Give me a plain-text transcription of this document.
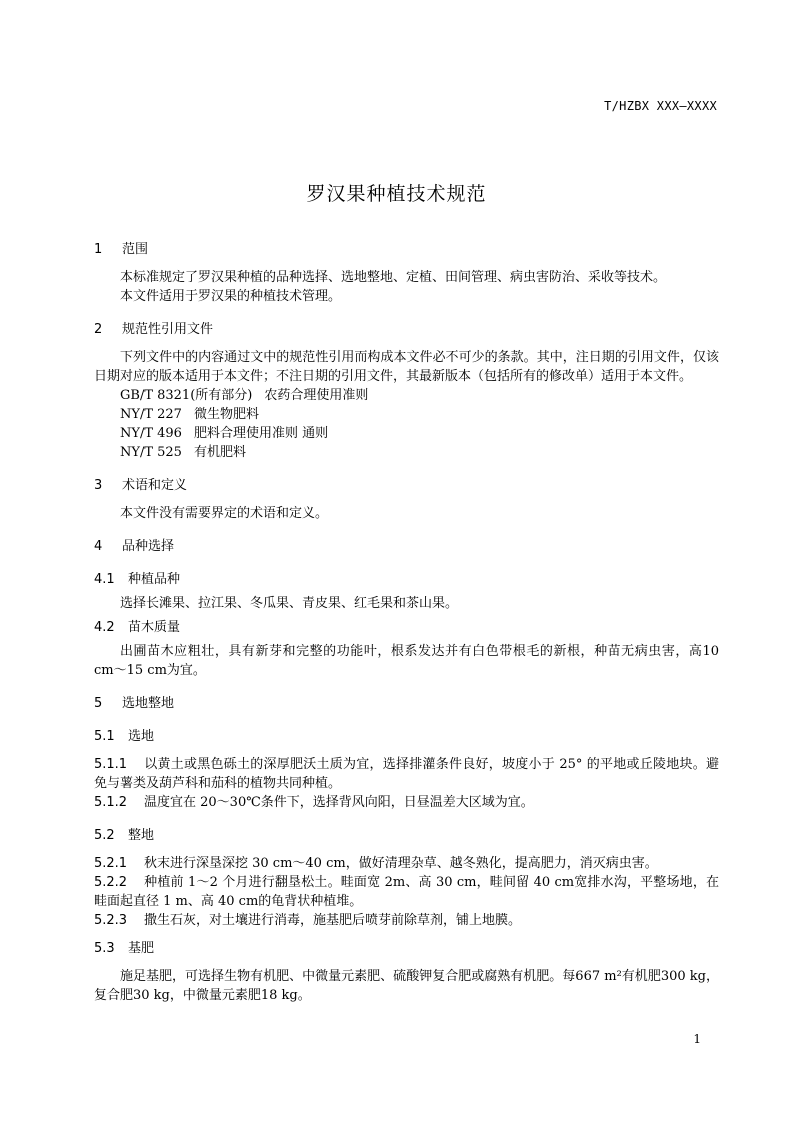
T/HZBX XXX—XXXX
罗汉果种植技术规范
1 范围

本标准规定了罗汉果种植的品种选择、选地整地、定植、田间管理、病虫害防治、采收等技术。

本文件适用于罗汉果的种植技术管理。

2 规范性引用文件

下列文件中的内容通过文中的规范性引用而构成本文件必不可少的条款。其中，注日期的引用文件，仅该日期对应的版本适用于本文件；不注日期的引用文件，其最新版本（包括所有的修改单）适用于本文件。

GB/T 8321(所有部分) 农药合理使用准则

NY/T 227 微生物肥料

NY/T 496 肥料合理使用准则 通则

NY/T 525 有机肥料

3 术语和定义

本文件没有需要界定的术语和定义。

4 品种选择
4.1 种植品种

选择长滩果、拉江果、冬瓜果、青皮果、红毛果和茶山果。

4.2 苗木质量

出圃苗木应粗壮，具有新芽和完整的功能叶，根系发达并有白色带根毛的新根，种苗无病虫害，高10 cm～15 cm为宜。

5 选地整地
5.1 选地

5.1.1 以黄土或黑色砾土的深厚肥沃土质为宜，选择排灌条件良好，坡度小于 25° 的平地或丘陵地块。避免与薯类及葫芦科和茄科的植物共同种植。

5.1.2 温度宜在 20～30℃条件下，选择背风向阳，日昼温差大区域为宜。

5.2 整地

5.2.1 秋末进行深垦深挖 30 cm～40 cm，做好清理杂草、越冬熟化，提高肥力，消灭病虫害。

5.2.2 种植前 1～2 个月进行翻垦松土。畦面宽 2m、高 30 cm，畦间留 40 cm宽排水沟，平整场地，在畦面起直径 1 m、高 40 cm的龟背状种植堆。

5.2.3 撒生石灰，对土壤进行消毒，施基肥后喷芽前除草剂，铺上地膜。

5.3 基肥

施足基肥，可选择生物有机肥、中微量元素肥、硫酸钾复合肥或腐熟有机肥。每667 m²有机肥300 kg，复合肥30 kg，中微量元素肥18 kg。

1
